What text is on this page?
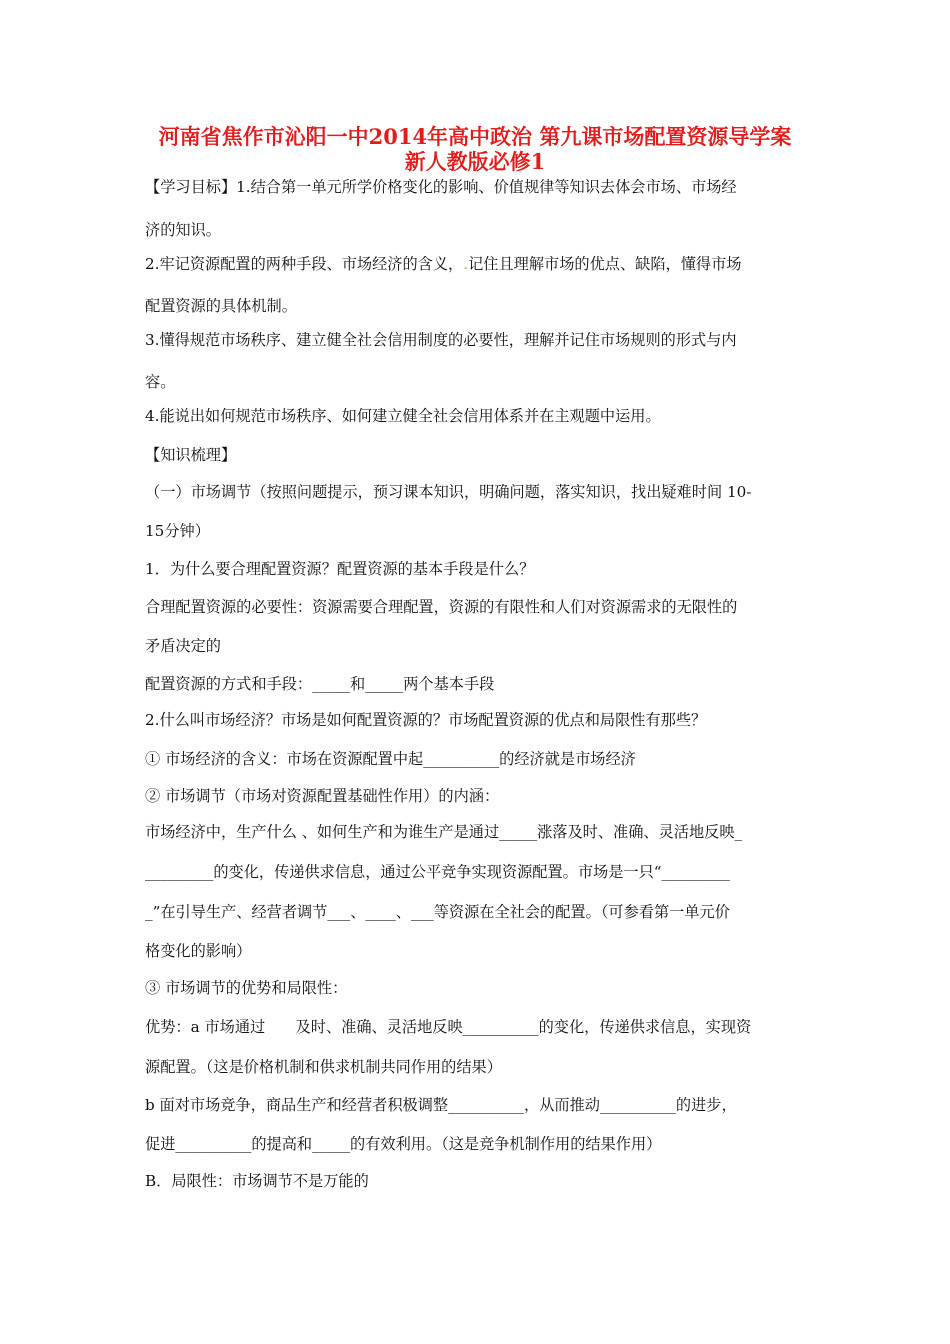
河南省焦作市沁阳一中2014年高中政治 第九课市场配置资源导学案
新人教版必修1
【学习目标】1.结合第一单元所学价格变化的影响、价值规律等知识去体会市场、市场经
济的知识。
2.牢记资源配置的两种手段、市场经济的含义，.记住且理解市场的优点、缺陷，懂得市场
配置资源的具体机制。
3.懂得规范市场秩序、建立健全社会信用制度的必要性，理解并记住市场规则的形式与内
容。
4.能说出如何规范市场秩序、如何建立健全社会信用体系并在主观题中运用。
【知识梳理】
（一）市场调节（按照问题提示，预习课本知识，明确问题，落实知识，找出疑难时间 10-
15分钟）
1．为什么要合理配置资源？配置资源的基本手段是什么？
合理配置资源的必要性：资源需要合理配置，资源的有限性和人们对资源需求的无限性的
矛盾决定的
配置资源的方式和手段：_____和_____两个基本手段
2.什么叫市场经济？市场是如何配置资源的？市场配置资源的优点和局限性有那些？
① 市场经济的含义：市场在资源配置中起__________的经济就是市场经济
② 市场调节（市场对资源配置基础性作用）的内涵：
市场经济中，生产什么 、如何生产和为谁生产是通过_____涨落及时、准确、灵活地反映_
_________的变化，传递供求信息，通过公平竞争实现资源配置。市场是一只“_________
_”在引导生产、经营者调节___、____、___等资源在全社会的配置。（可参看第一单元价
格变化的影响）
③ 市场调节的优势和局限性：
优势：a 市场通过　　及时、准确、灵活地反映__________的变化，传递供求信息，实现资
源配置。（这是价格机制和供求机制共同作用的结果）
b 面对市场竞争，商品生产和经营者积极调整__________，从而推动__________的进步，
促进__________的提高和_____的有效利用。（这是竞争机制作用的结果作用）
B．局限性：市场调节不是万能的
